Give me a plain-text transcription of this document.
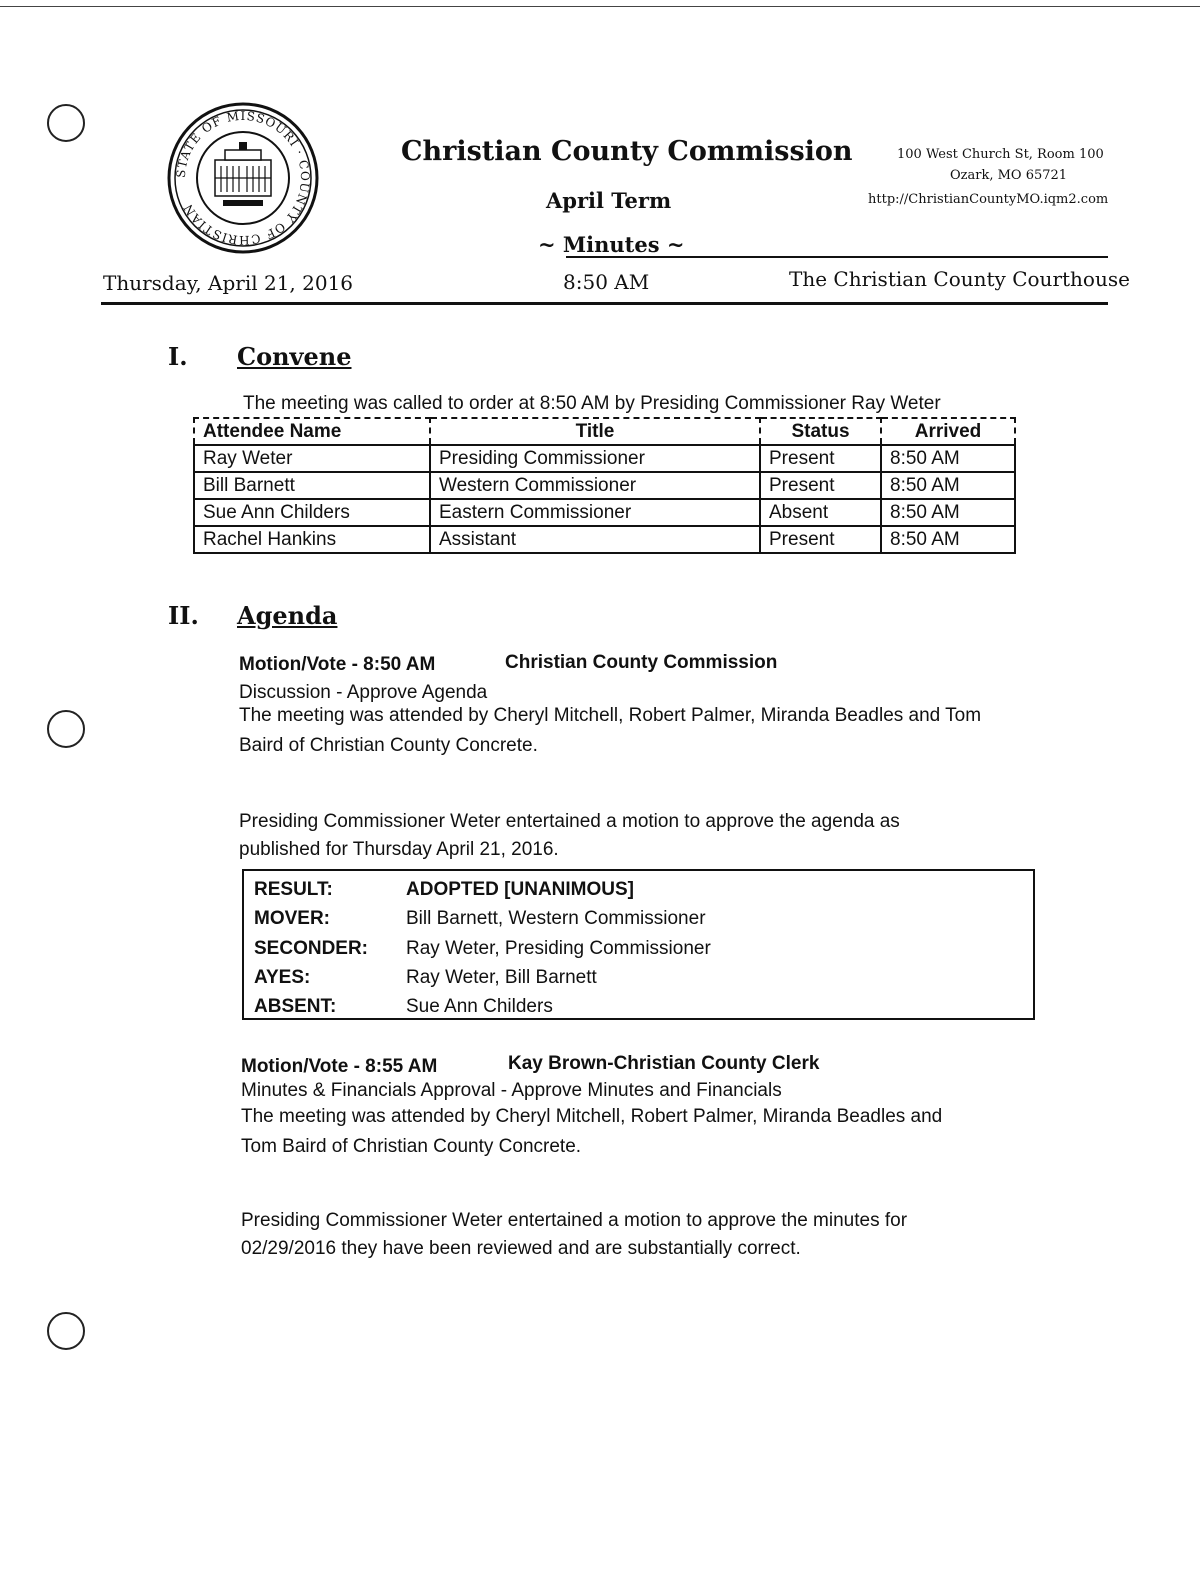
STATE OF MISSOURI · COUNTY OF CHRISTIAN
Christian County Commission
April Term
~ Minutes ~
100 West Church St, Room 100
Ozark, MO 65721
http://ChristianCountyMO.iqm2.com
Thursday, April 21, 2016	8:50 AM	The Christian County Courthouse
I. Convene
The meeting was called to order at 8:50 AM by Presiding Commissioner Ray Weter
Attendee Name	Title	Status	Arrived
Ray Weter	Presiding Commissioner	Present	8:50 AM
Bill Barnett	Western Commissioner	Present	8:50 AM
Sue Ann Childers	Eastern Commissioner	Absent	8:50 AM
Rachel Hankins	Assistant	Present	8:50 AM
II. Agenda
Motion/Vote - 8:50 AM	Christian County Commission
Discussion - Approve Agenda
The meeting was attended by Cheryl Mitchell, Robert Palmer, Miranda Beadles and Tom
Baird of Christian County Concrete.
Presiding Commissioner Weter entertained a motion to approve the agenda as
published for Thursday April 21, 2016.
RESULT:	ADOPTED [UNANIMOUS]
MOVER:	Bill Barnett, Western Commissioner
SECONDER: Ray Weter, Presiding Commissioner
AYES:	Ray Weter, Bill Barnett
ABSENT:	Sue Ann Childers
Motion/Vote - 8:55 AM	Kay Brown-Christian County Clerk
Minutes & Financials Approval - Approve Minutes and Financials
The meeting was attended by Cheryl Mitchell, Robert Palmer, Miranda Beadles and
Tom Baird of Christian County Concrete.
Presiding Commissioner Weter entertained a motion to approve the minutes for
02/29/2016 they have been reviewed and are substantially correct.
